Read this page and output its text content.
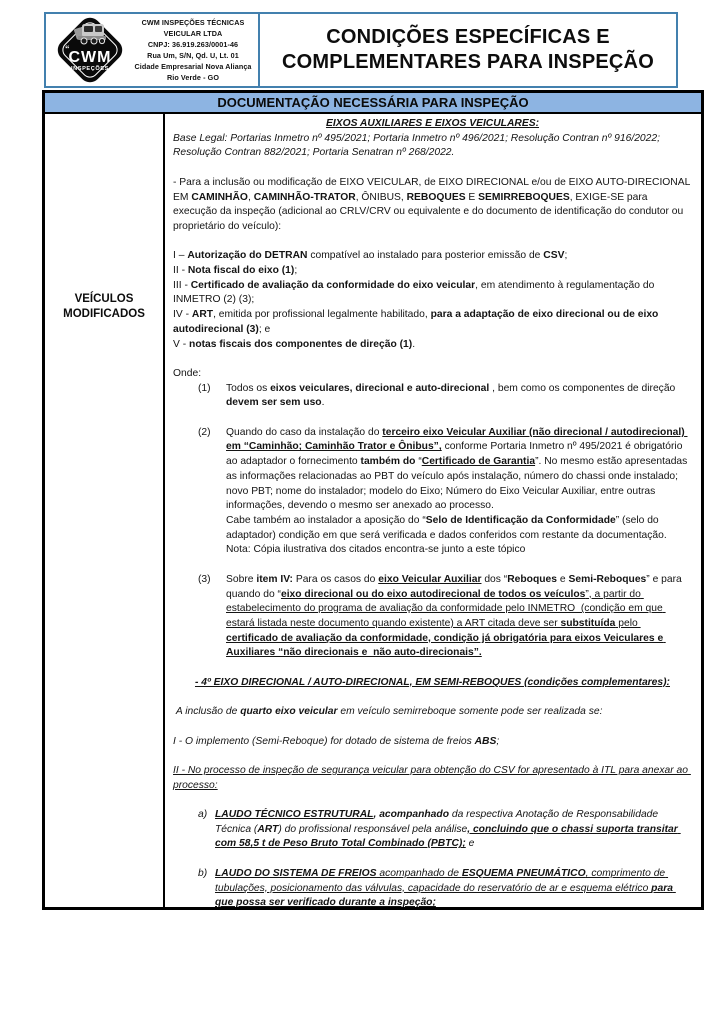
“ CWM
INSPEÇÕES
CWM INSPEÇÕES TÉCNICAS
VEICULAR LTDA
CNPJ: 36.919.263/0001-46
Rua Um, S/N, Qd. U, Lt. 01
Cidade Empresarial Nova Aliança
Rio Verde - GO
CONDIÇÕES ESPECÍFICAS E
COMPLEMENTARES PARA INSPEÇÃO
DOCUMENTAÇÃO NECESSÁRIA PARA INSPEÇÃO
VEÍCULOS
MODIFICADOS
EIXOS AUXILIARES E EIXOS VEICULARES:
Base Legal: Portarias Inmetro nº 495/2021; Portaria Inmetro nº 496/2021; Resolução Contran nº 916/2022; Resolução Contran 882/2021; Portaria Senatran nº 268/2022.

- Para a inclusão ou modificação de EIXO VEICULAR, de EIXO DIRECIONAL e/ou de EIXO AUTO-DIRECIONAL EM CAMINHÃO, CAMINHÃO-TRATOR, ÔNIBUS, REBOQUES E SEMIRREBOQUES, EXIGE-SE para execução da inspeção (adicional ao CRLV/CRV ou equivalente e do documento de identificação do condutor ou proprietário do veículo):

I – Autorização do DETRAN compatível ao instalado para posterior emissão de CSV;
II - Nota fiscal do eixo (1);
III - Certificado de avaliação da conformidade do eixo veicular, em atendimento à regulamentação do INMETRO (2) (3);
IV - ART, emitida por profissional legalmente habilitado, para a adaptação de eixo direcional ou de eixo autodirecional (3); e
V - notas fiscais dos componentes de direção (1).

Onde:
(1) Todos os eixos veiculares, direcional e auto-direcional , bem como os componentes de direção devem ser sem uso.

(2) Quando do caso da instalação do terceiro eixo Veicular Auxiliar (não direcional / autodirecional) em “Caminhão; Caminhão Trator e Ônibus”, conforme Portaria Inmetro nº 495/2021 é obrigatório ao adaptador o fornecimento também do “Certificado de Garantia”. No mesmo estão apresentadas as informações relacionadas ao PBT do veículo após instalação, número do chassi onde instalado; novo PBT; nome do instalador; modelo do Eixo; Número do Eixo Veicular Auxiliar, entre outras informações, devendo o mesmo ser anexado ao processo.
Cabe também ao instalador a aposição do “Selo de Identificação da Conformidade” (selo do adaptador) condição em que será verificada e dados conferidos com restante da documentação.
Nota: Cópia ilustrativa dos citados encontra-se junto a este tópico

(3) Sobre item IV: Para os casos do eixo Veicular Auxiliar dos “Reboques e Semi-Reboques” e para quando do “eixo direcional ou do eixo autodirecional de todos os veículos”, a partir do estabelecimento do programa de avaliação da conformidade pelo INMETRO  (condição em que estará listada neste documento quando existente) a ART citada deve ser substituída pelo certificado de avaliação da conformidade, condição já obrigatória para eixos Veiculares e Auxiliares “não direcionais e  não auto-direcionais”.

- 4º EIXO DIRECIONAL / AUTO-DIRECIONAL, EM SEMI-REBOQUES (condições complementares):

A inclusão de quarto eixo veicular em veículo semirreboque somente pode ser realizada se:

I - O implemento (Semi-Reboque) for dotado de sistema de freios ABS;

II - No processo de inspeção de segurança veicular para obtenção do CSV for apresentado à ITL para anexar ao processo:

a) LAUDO TÉCNICO ESTRUTURAL, acompanhado da respectiva Anotação de Responsabilidade Técnica (ART) do profissional responsável pela análise, concluindo que o chassi suporta transitar com 58,5 t de Peso Bruto Total Combinado (PBTC); e

b) LAUDO DO SISTEMA DE FREIOS acompanhado de ESQUEMA PNEUMÁTICO, comprimento de tubulações, posicionamento das válvulas, capacidade do reservatório de ar e esquema elétrico para que possa ser verificado durante a inspeção;
